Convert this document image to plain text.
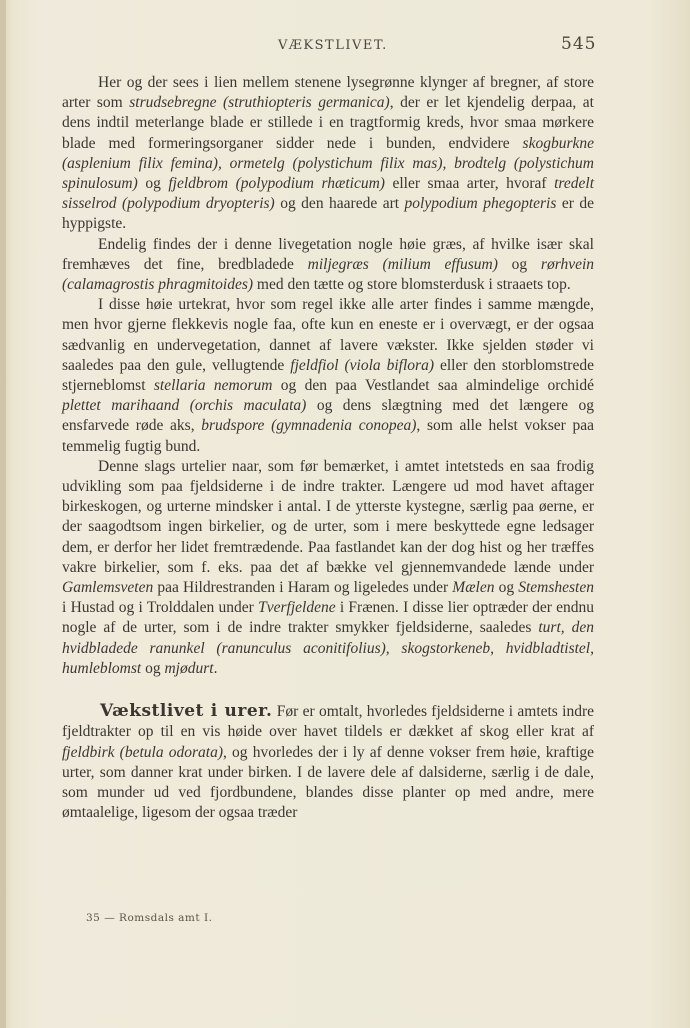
VÆKSTLIVET.	545

Her og der sees i lien mellem stenene lysegrønne klynger af bregner, af store arter som strudsebregne (struthiopteris germanica), der er let kjendelig derpaa, at dens indtil meterlange blade er stillede i en tragtformig kreds, hvor smaa mørkere blade med formeringsorganer sidder nede i bunden, endvidere skogburkne (asplenium filix femina), ormetelg (polystichum filix mas), brodtelg (polystichum spinulosum) og fjeldbrom (polypodium rhæticum) eller smaa arter, hvoraf tredelt sisselrod (polypodium dryopteris) og den haarede art polypodium phegopteris er de hyppigste.

Endelig findes der i denne livegetation nogle høie græs, af hvilke især skal fremhæves det fine, bredbladede miljegræs (milium effusum) og rørhvein (calamagrostis phragmitoides) med den tætte og store blomsterdusk i straaets top.

I disse høie urtekrat, hvor som regel ikke alle arter findes i samme mængde, men hvor gjerne flekkevis nogle faa, ofte kun en eneste er i overvægt, er der ogsaa sædvanlig en undervegetation, dannet af lavere vækster. Ikke sjelden støder vi saaledes paa den gule, vellugtende fjeldfiol (viola biflora) eller den storblomstrede stjerneblomst stellaria nemorum og den paa Vestlandet saa almindelige orchidé plettet marihaand (orchis maculata) og dens slægtning med det længere og ensfarvede røde aks, brudspore (gymnadenia conopea), som alle helst vokser paa temmelig fugtig bund.

Denne slags urtelier naar, som før bemærket, i amtet intetsteds en saa frodig udvikling som paa fjeldsiderne i de indre trakter. Længere ud mod havet aftager birkeskogen, og urterne mindsker i antal. I de ytterste kystegne, særlig paa øerne, er der saagodtsom ingen birkelier, og de urter, som i mere beskyttede egne ledsager dem, er derfor her lidet fremtrædende. Paa fastlandet kan der dog hist og her træffes vakre birkelier, som f. eks. paa det af bække vel gjennemvandede lænde under Gamlemsveten paa Hildrestranden i Haram og ligeledes under Mælen og Stemshesten i Hustad og i Trolddalen under Tverfjeldene i Frænen. I disse lier optræder der endnu nogle af de urter, som i de indre trakter smykker fjeldsiderne, saaledes turt, den hvidbladede ranunkel (ranunculus aconitifolius), skogstorkeneb, hvidbladtistel, humleblomst og mjødurt.

Vækstlivet i urer. Før er omtalt, hvorledes fjeldsiderne i amtets indre fjeldtrakter op til en vis høide over havet tildels er dækket af skog eller krat af fjeldbirk (betula odorata), og hvorledes der i ly af denne vokser frem høie, kraftige urter, som danner krat under birken. I de lavere dele af dalsiderne, særlig i de dale, som munder ud ved fjordbundene, blandes disse planter op med andre, mere ømtaalelige, ligesom der ogsaa træder

35 — Romsdals amt I.
